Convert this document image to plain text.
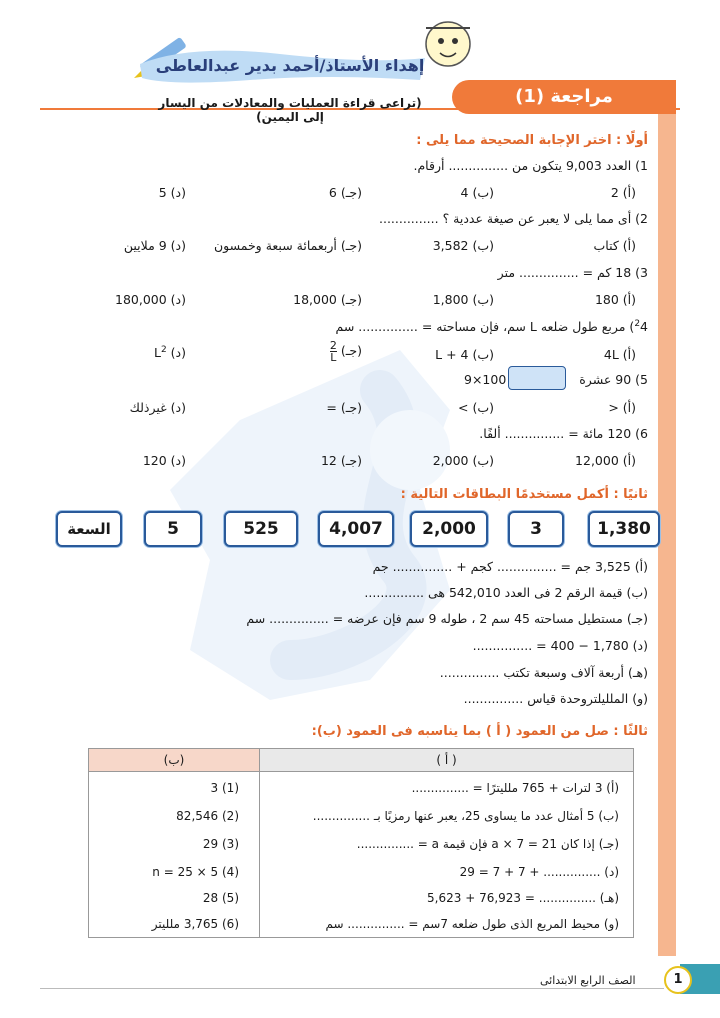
إهداء الأستاذ/أحمد بدير عبدالعاطى
مراجعة (1)
(تراعى قراءة العمليات والمعادلات من اليسار إلى اليمين)
أولًا : اختر الإجابة الصحيحة مما يلى :
1) العدد 9,003 يتكون من ............... أرقام.
(أ) 2
(ب) 4
(جـ) 6
(د) 5
2) أى مما يلى لا يعبر عن صيغة عددية ؟ ...............
(أ) كتاب
(ب) 3,582
(جـ) أربعمائة سبعة وخمسون
(د) 9 ملايين
3) 18 كم = ............... متر
(أ) 180
(ب) 1,800
(جـ) 18,000
(د) 180,000
$^2$4) مربع طول ضلعه L سم، فإن مساحته = ............... سم
(أ) 4L
(ب) L + 4
(جـ)
$\frac{2}{L}$
(د) $L^2$
5) 90 عشرة
9×100
(أ) <
(ب) >
(جـ) =
(د) غيرذلك
6) 120 مائة = ............... ألفًا.
(أ) 12,000
(ب) 2,000
(جـ) 12
(د) 120
ثانيًا : أكمل مستخدمًا البطاقات التالية :
1,380
3
2,000
4,007
525
5
السعة
(أ) 3,525 جم = ............... كجم + ............... جم
(ب) قيمة الرقم 2 فى العدد 542,010 هى ...............
(جـ) مستطيل مساحته 45 سم 2 ، طوله 9 سم فإن عرضه = ............... سم
(د) 1,780 − 400 = ...............
(هـ) أربعة آلاف وسبعة تكتب ...............
(و) الملليلتروحدة قياس ...............
ثالثًا : صل من العمود ( أ ) بما يناسبه فى العمود (ب):
(ب)	( أ )
(أ) 3 لترات + 765 ملليترًا = ...............
(ب) 5 أمثال عدد ما يساوى 25، يعبر عنها رمزيًا بـ ...............
(جـ) إذا كان 21 = a × 7 فإن قيمة a = ...............
(د) ............... + 7 + 7 = 29
(هـ) ............... = 76,923 + 5,623
(و) محيط المربع الذى طول ضلعه 7سم = ............... سم
(1) 3
(2) 82,546
(3) 29
(4) 5 × n = 25
(5) 28
(6) 3,765 ملليتر
1
الصف الرابع الابتدائى
